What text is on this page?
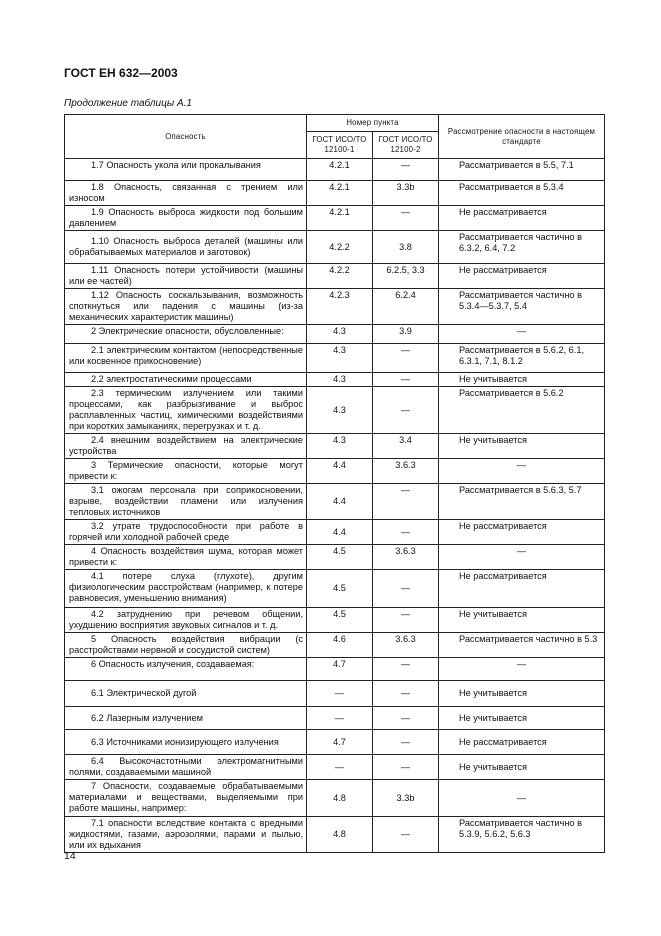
ГОСТ ЕН 632—2003
Продолжение таблицы А.1
Опасность	Номер пункта		Рассмотрение опасности в настоящем стандарте
	ГОСТ ИСО/ТО 12100-1	ГОСТ ИСО/ТО 12100-2	
1.7 Опасность укола или прокалывания	4.2.1	—	Рассматривается в 5.5, 7.1
1.8 Опасность, связанная с трением или износом	4.2.1	3.3b	Рассматривается в 5.3.4
1.9 Опасность выброса жидкости под большим давлением	4.2.1	—	Не рассматривается
1.10 Опасность выброса деталей (машины или обрабатываемых материалов и заготовок)	4.2.2	3.8	Рассматривается частично в 6.3.2, 6.4, 7.2
1.11 Опасность потери устойчивости (машины или ее частей)	4.2.2	6.2.5, 3.3	Не рассматривается
1.12 Опасность соскальзывания, возможность споткнуться или падения с машины (из-за механических характеристик машины)	4.2.3	6.2.4	Рассматривается частично в 5.3.4—5.3.7, 5.4
2 Электрические опасности, обусловленные:	4.3	3.9	—
2.1 электрическим контактом (непосредственные или косвенное прикосновение)	4.3	—	Рассматривается в 5.6.2, 6.1, 6.3.1, 7.1, 8.1.2
2.2 электростатическими процессами	4.3	—	Не учитывается
2.3 термическим излучением или такими процессами, как разбрызгивание и выброс расплавленных частиц, химическими воздействиями при коротких замыканиях, перегрузках и т. д.	4.3	—	Рассматривается в 5.6.2
2.4 внешним воздействием на электрические устройства	4.3	3.4	Не учитывается
3 Термические опасности, которые могут привести к:	4.4	3.6.3	—
3.1 ожогам персонала при соприкосновении, взрыве, воздействии пламени или излучения тепловых источников	4.4	—	Рассматривается в 5.6.3, 5.7
3.2 утрате трудоспособности при работе в горячей или холодной рабочей среде	4.4	—	Не рассматривается
4 Опасность воздействия шума, которая может привести к:	4.5	3.6.3	—
4.1 потере слуха (глухоте), другим физиологическим расстройствам (например, к потере равновесия, уменьшению внимания)	4.5	—	Не рассматривается
4.2 затруднению при речевом общении, ухудшению восприятия звуковых сигналов и т. д.	4.5	—	Не учитывается
5 Опасность воздействия вибрации (с расстройствами нервной и сосудистой систем)	4.6	3.6.3	Рассматривается частично в 5.3
6 Опасность излучения, создаваемая:	4.7	—	—
6.1 Электрической дугой	—	—	Не учитывается
6.2 Лазерным излучением	—	—	Не учитывается
6.3 Источниками ионизирующего излучения	4.7	—	Не рассматривается
6.4 Высокочастотными электромагнитными полями, создаваемыми машиной	—	—	Не учитывается
7 Опасности, создаваемые обрабатываемыми материалами и веществами, выделяемыми при работе машины, например:	4.8	3.3b	—
7.1 опасности вследствие контакта с вредными жидкостями, газами, аэрозолями, парами и пылью, или их вдыхания	4.8	—	Рассматривается частично в 5.3.9, 5.6.2, 5.6.3
14
